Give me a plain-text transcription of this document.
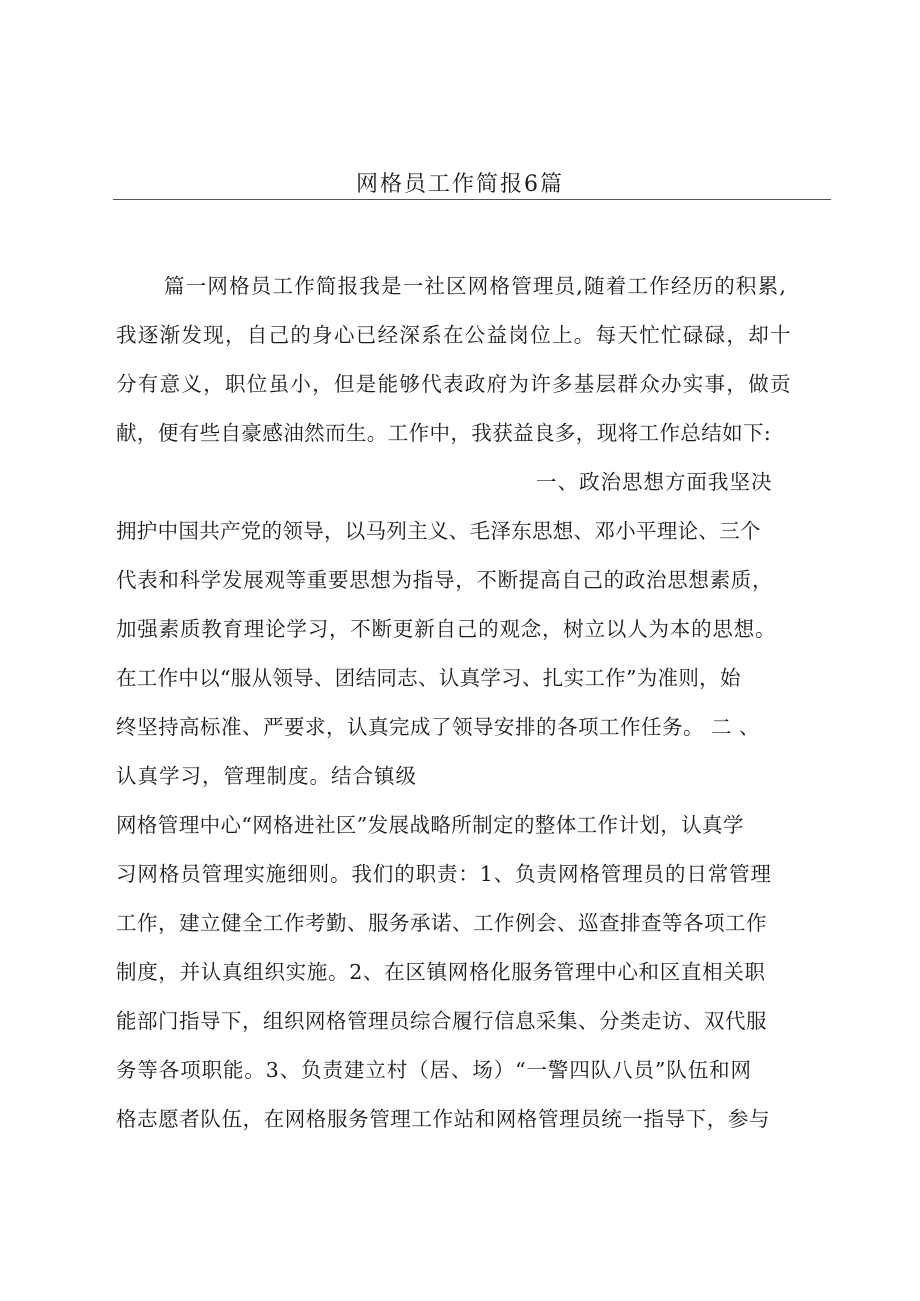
网格员工作简报6篇
篇一网格员工作简报我是一社区网格管理员,随着工作经历的积累,
我逐渐发现，自己的身心已经深系在公益岗位上。每天忙忙碌碌，却十
分有意义，职位虽小，但是能够代表政府为许多基层群众办实事，做贡
献，便有些自豪感油然而生。工作中，我获益良多，现将工作总结如下:
一、政治思想方面我坚决
拥护中国共产党的领导，以马列主义、毛泽东思想、邓小平理论、三个
代表和科学发展观等重要思想为指导，不断提高自己的政治思想素质，
加强素质教育理论学习，不断更新自己的观念，树立以人为本的思想。
在工作中以“服从领导、团结同志、认真学习、扎实工作”为准则，始
终坚持高标准、严要求，认真完成了领导安排的各项工作任务。 二 、
认真学习，管理制度。结合镇级
网格管理中心“网格进社区”发展战略所制定的整体工作计划，认真学
习网格员管理实施细则。我们的职责：1、负责网格管理员的日常管理
工作，建立健全工作考勤、服务承诺、工作例会、巡查排查等各项工作
制度，并认真组织实施。2、在区镇网格化服务管理中心和区直相关职
能部门指导下，组织网格管理员综合履行信息采集、分类走访、双代服
务等各项职能。3、负责建立村（居、场）“一警四队八员”队伍和网
格志愿者队伍，在网格服务管理工作站和网格管理员统一指导下，参与
